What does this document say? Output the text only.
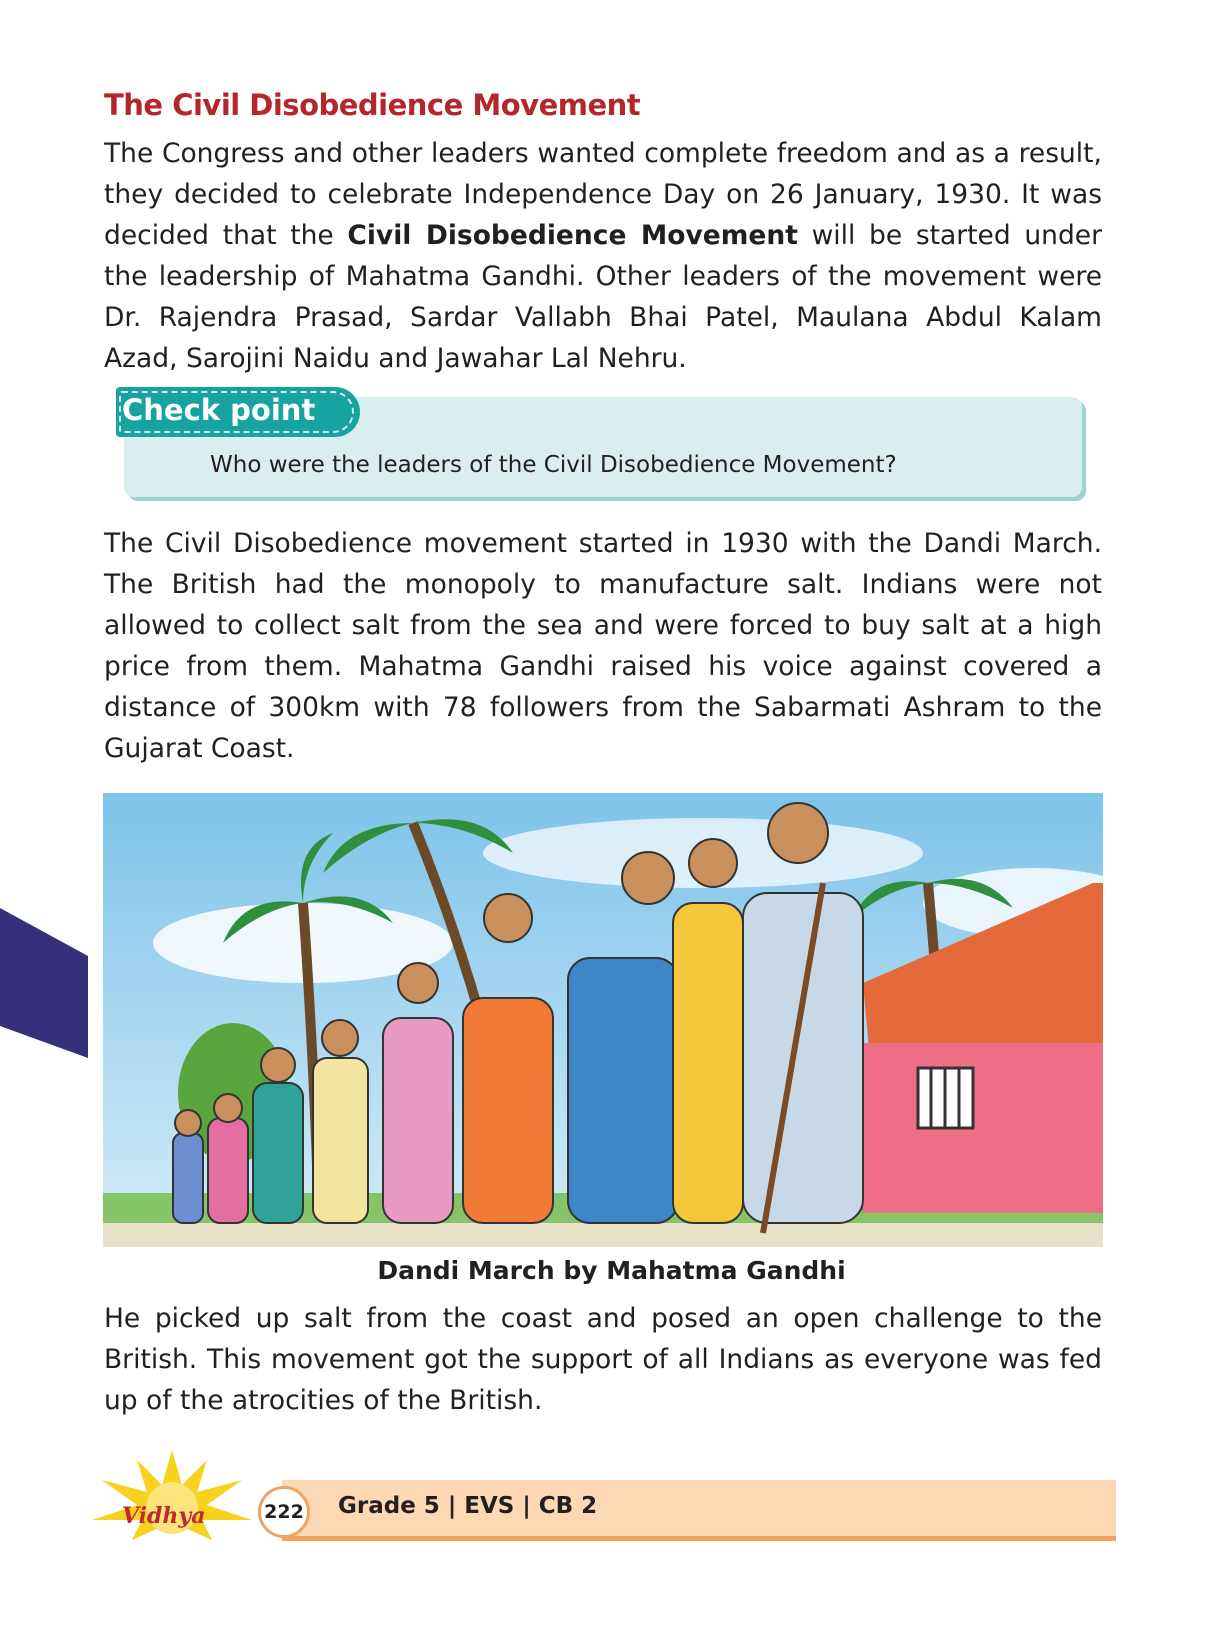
The Civil Disobedience Movement

The Congress and other leaders wanted complete freedom and as a result, they decided to celebrate Independence Day on 26 January, 1930. It was decided that the Civil Disobedience Movement will be started under the leadership of Mahatma Gandhi. Other leaders of the movement were Dr. Rajendra Prasad, Sardar Vallabh Bhai Patel, Maulana Abdul Kalam Azad, Sarojini Naidu and Jawahar Lal Nehru.

Check point
Who were the leaders of the Civil Disobedience Movement?

The Civil Disobedience movement started in 1930 with the Dandi March. The British had the monopoly to manufacture salt. Indians were not allowed to collect salt from the sea and were forced to buy salt at a high price from them. Mahatma Gandhi raised his voice against covered a distance of 300km with 78 followers from the Sabarmati Ashram to the Gujarat Coast.

Dandi March by Mahatma Gandhi

He picked up salt from the coast and posed an open challenge to the British. This movement got the support of all Indians as everyone was fed up of the atrocities of the British.

Vidhya	222 Grade 5 | EVS | CB 2
